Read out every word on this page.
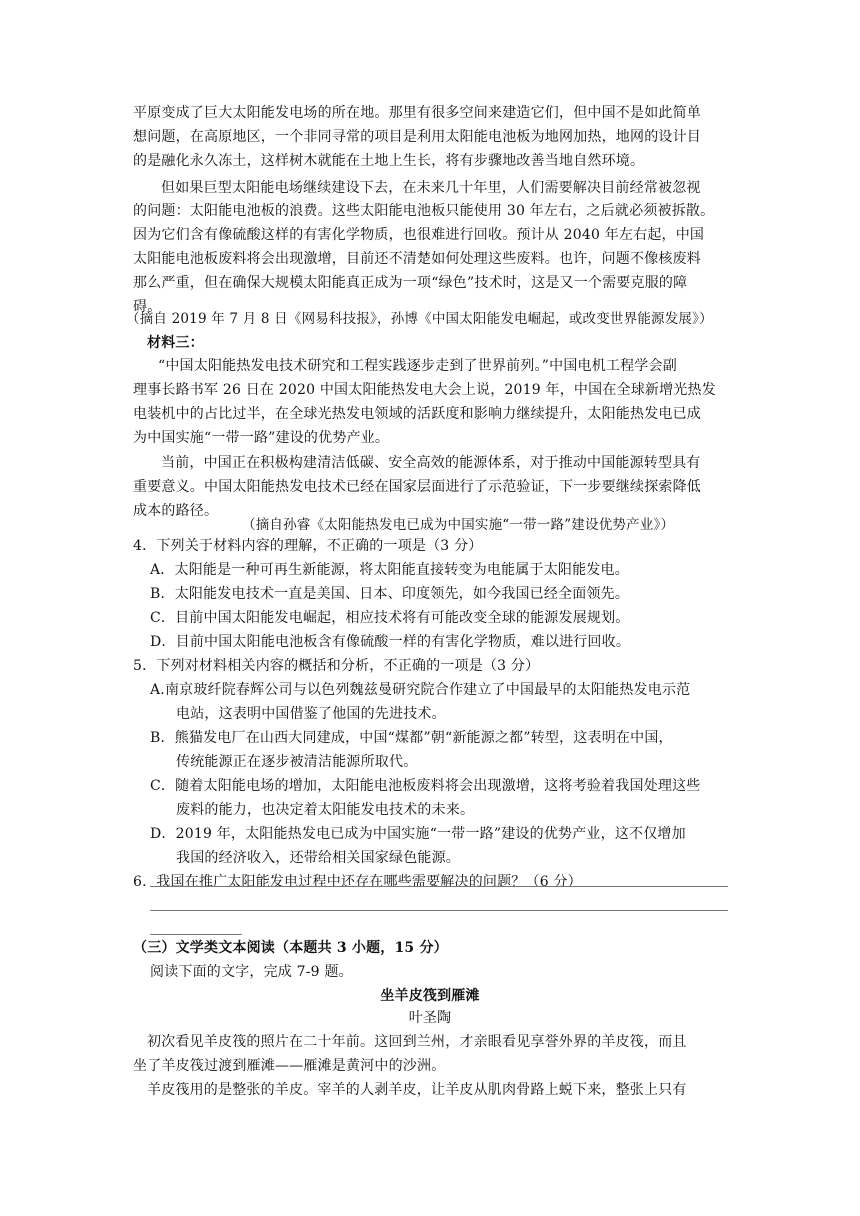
平原变成了巨大太阳能发电场的所在地。那里有很多空间来建造它们，但中国不是如此简单
想问题，在高原地区，一个非同寻常的项目是利用太阳能电池板为地网加热，地网的设计目
的是融化永久冻土，这样树木就能在土地上生长，将有步骤地改善当地自然环境。
但如果巨型太阳能电场继续建设下去，在未来几十年里，人们需要解决目前经常被忽视
的问题：太阳能电池板的浪费。这些太阳能电池板只能使用 30 年左右，之后就必须被拆散。
因为它们含有像硫酸这样的有害化学物质，也很难进行回收。预计从 2040 年左右起，中国
太阳能电池板废料将会出现激增，目前还不清楚如何处理这些废料。也许，问题不像核废料
那么严重，但在确保大规模太阳能真正成为一项“绿色”技术时，这是又一个需要克服的障
碍。
（摘自 2019 年 7 月 8 日《网易科技报》，孙博《中国太阳能发电崛起，或改变世界能源发展》）
材料三：
“中国太阳能热发电技术研究和工程实践逐步走到了世界前列。”中国电机工程学会副
理事长路书军 26 日在 2020 中国太阳能热发电大会上说，2019 年，中国在全球新增光热发
电装机中的占比过半，在全球光热发电领域的活跃度和影响力继续提升，太阳能热发电已成
为中国实施“一带一路”建设的优势产业。
当前，中国正在积极构建清洁低碳、安全高效的能源体系，对于推动中国能源转型具有
重要意义。中国太阳能热发电技术已经在国家层面进行了示范验证，下一步要继续探索降低
成本的路径。
（摘自孙睿《太阳能热发电已成为中国实施“一带一路”建设优势产业》）
4．下列关于材料内容的理解，不正确的一项是（3 分）
A．太阳能是一种可再生新能源，将太阳能直接转变为电能属于太阳能发电。
B．太阳能发电技术一直是美国、日本、印度领先，如今我国已经全面领先。
C．目前中国太阳能发电崛起，相应技术将有可能改变全球的能源发展规划。
D．目前中国太阳能电池板含有像硫酸一样的有害化学物质，难以进行回收。
5．下列对材料相关内容的概括和分析，不正确的一项是（3 分）
A.南京玻纤院春辉公司与以色列魏兹曼研究院合作建立了中国最早的太阳能热发电示范
电站，这表明中国借鉴了他国的先进技术。
B．熊猫发电厂在山西大同建成，中国“煤都”朝“新能源之都”转型，这表明在中国，
传统能源正在逐步被清洁能源所取代。
C．随着太阳能电场的增加，太阳能电池板废料将会出现激增，这将考验着我国处理这些
废料的能力，也决定着太阳能发电技术的未来。
D．2019 年，太阳能热发电已成为中国实施“一带一路”建设的优势产业，这不仅增加
我国的经济收入，还带给相关国家绿色能源。
6．我国在推广太阳能发电过程中还存在哪些需要解决的问题？（6 分）
（三）文学类文本阅读（本题共 3 小题，15 分）
阅读下面的文字，完成 7-9 题。
坐羊皮筏到雁滩
叶圣陶
初次看见羊皮筏的照片在二十年前。这回到兰州，才亲眼看见享誉外界的羊皮筏，而且
坐了羊皮筏过渡到雁滩——雁滩是黄河中的沙洲。
羊皮筏用的是整张的羊皮。宰羊的人剥羊皮，让羊皮从肌肉骨路上蜕下来，整张上只有
